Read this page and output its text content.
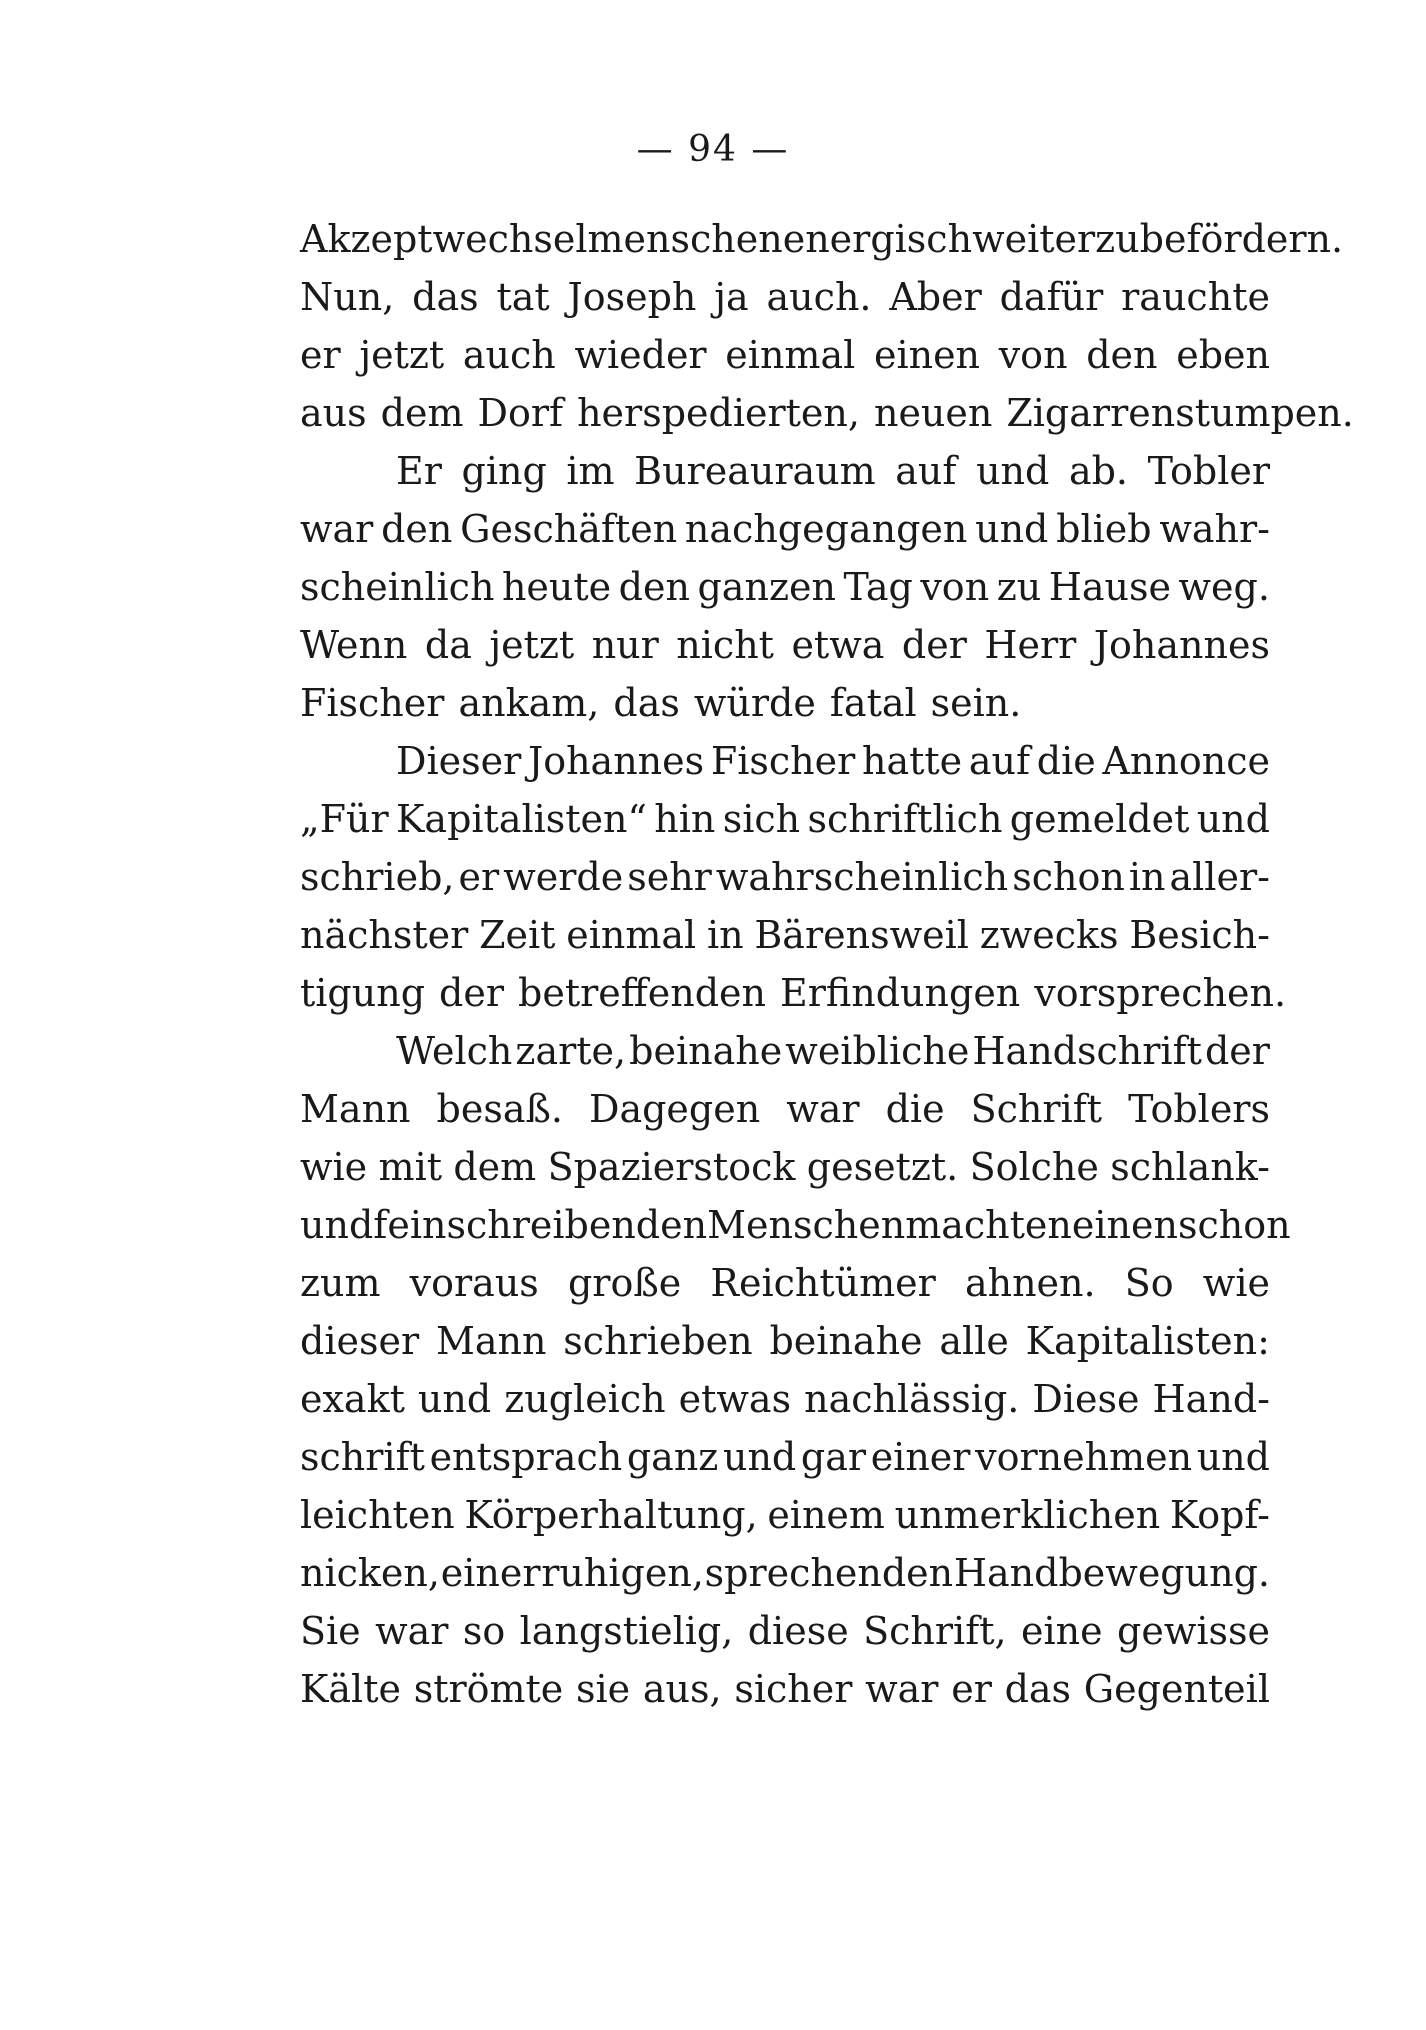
— 94 —
Akzeptwechselmenschen energisch weiterzubefördern.
Nun, das tat Joseph ja auch. Aber dafür rauchte
er jetzt auch wieder einmal einen von den eben
aus dem Dorf herspedierten, neuen Zigarrenstumpen.
Er ging im Bureauraum auf und ab. Tobler
war den Geschäften nachgegangen und blieb wahr-
scheinlich heute den ganzen Tag von zu Hause weg.
Wenn da jetzt nur nicht etwa der Herr Johannes
Fischer ankam, das würde fatal sein.
Dieser Johannes Fischer hatte auf die Annonce
„Für Kapitalisten“ hin sich schriftlich gemeldet und
schrieb, er werde sehr wahrscheinlich schon in aller-
nächster Zeit einmal in Bärensweil zwecks Besich-
tigung der betreffenden Erfindungen vorsprechen.
Welch zarte, beinahe weibliche Handschrift der
Mann besaß. Dagegen war die Schrift Toblers
wie mit dem Spazierstock gesetzt. Solche schlank-
und feinschreibenden Menschen machten einen schon
zum voraus große Reichtümer ahnen. So wie
dieser Mann schrieben beinahe alle Kapitalisten:
exakt und zugleich etwas nachlässig. Diese Hand-
schrift entsprach ganz und gar einer vornehmen und
leichten Körperhaltung, einem unmerklichen Kopf-
nicken, einer ruhigen, sprechenden Handbewegung.
Sie war so langstielig, diese Schrift, eine gewisse
Kälte strömte sie aus, sicher war er das Gegenteil
